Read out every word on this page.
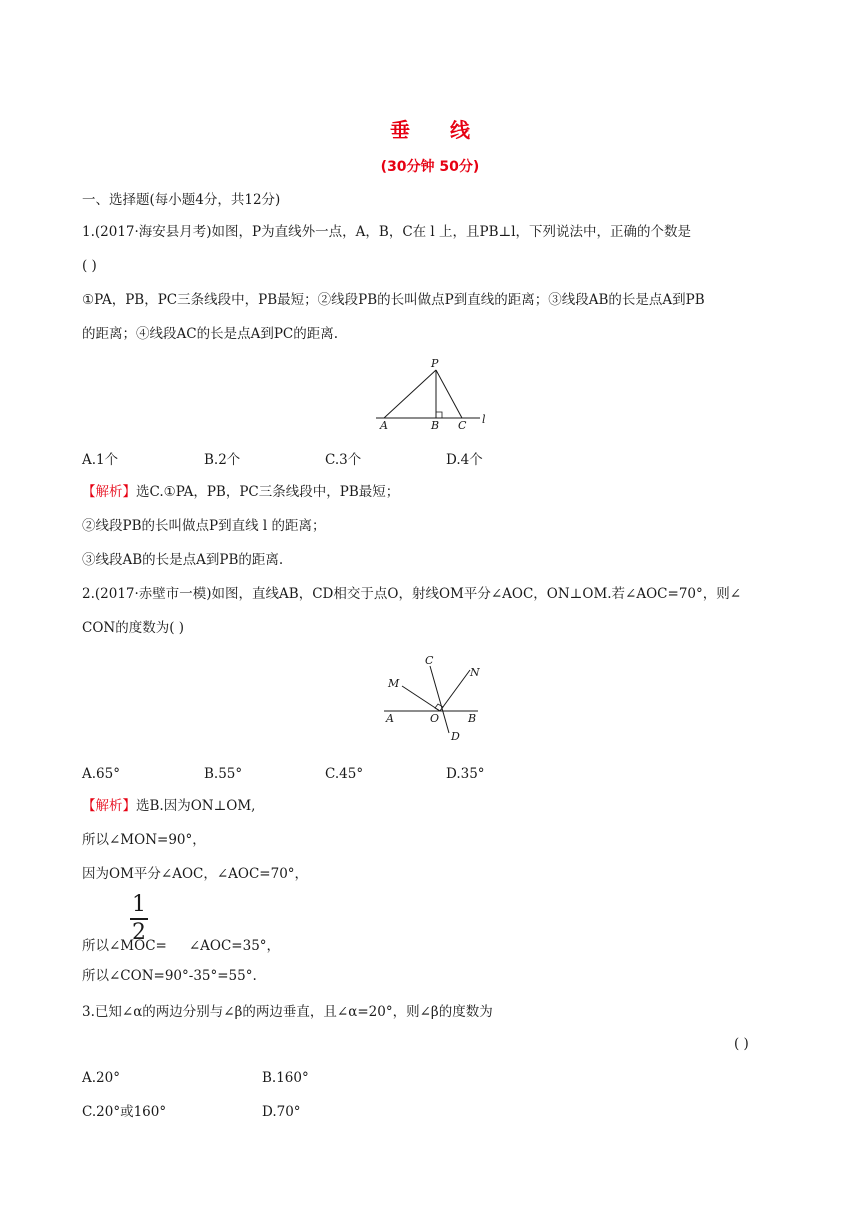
垂 线
(30分钟 50分)
一、选择题(每小题4分，共12分)
1.(2017·海安县月考)如图，P为直线外一点，A，B，C在 l 上，且PB⊥l，下列说法中，正确的个数是
( )
①PA，PB，PC三条线段中，PB最短；②线段PB的长叫做点P到直线的距离；③线段AB的长是点A到PB
的距离；④线段AC的长是点A到PC的距离.
P
A	B C l
A.1个	B.2个	C.3个	D.4个
【解析】选C.①PA，PB，PC三条线段中，PB最短；
②线段PB的长叫做点P到直线 l 的距离；
③线段AB的长是点A到PB的距离.
2.(2017·赤壁市一模)如图，直线AB，CD相交于点O，射线OM平分∠AOC，ON⊥OM.若∠AOC=70°，则∠
CON的度数为( )
C
N
M
A	O	B
D
A.65°	B.55°	C.45°	D.35°
【解析】选B.因为ON⊥OM,
所以∠MON=90°，
因为OM平分∠AOC，∠AOC=70°，
1
2
所以∠MOC= ∠AOC=35°，
所以∠CON=90°-35°=55°.
3.已知∠α的两边分别与∠β的两边垂直，且∠α=20°，则∠β的度数为
( )
A.20°	B.160°
C.20°或160°	D.70°
